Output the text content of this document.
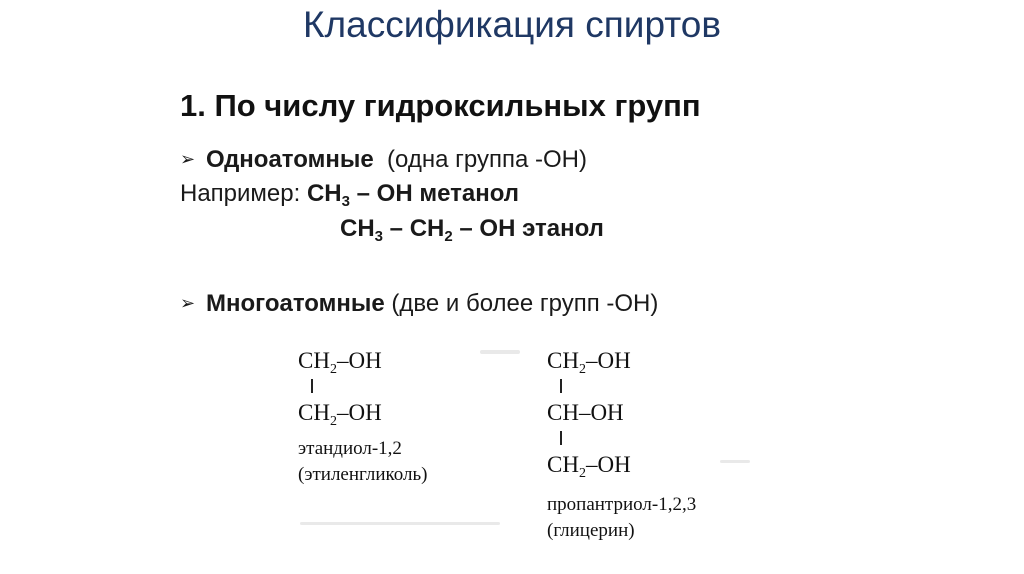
Классификация спиртов
1. По числу гидроксильных групп
➢ Одноатомные (одна группа -ОН)
Например: $CH_3$ – OH метанол
$CH_3 - CH_2$ – OH этанол
➢ Многоатомные (две и более групп -ОН)
$CH_2-OH$
$CH_2-OH$
этандиол-1,2
(этиленгликоль)
$CH_2-OH$
CH–OH
$CH_2-OH$
пропантриол-1,2,3
(глицерин)
